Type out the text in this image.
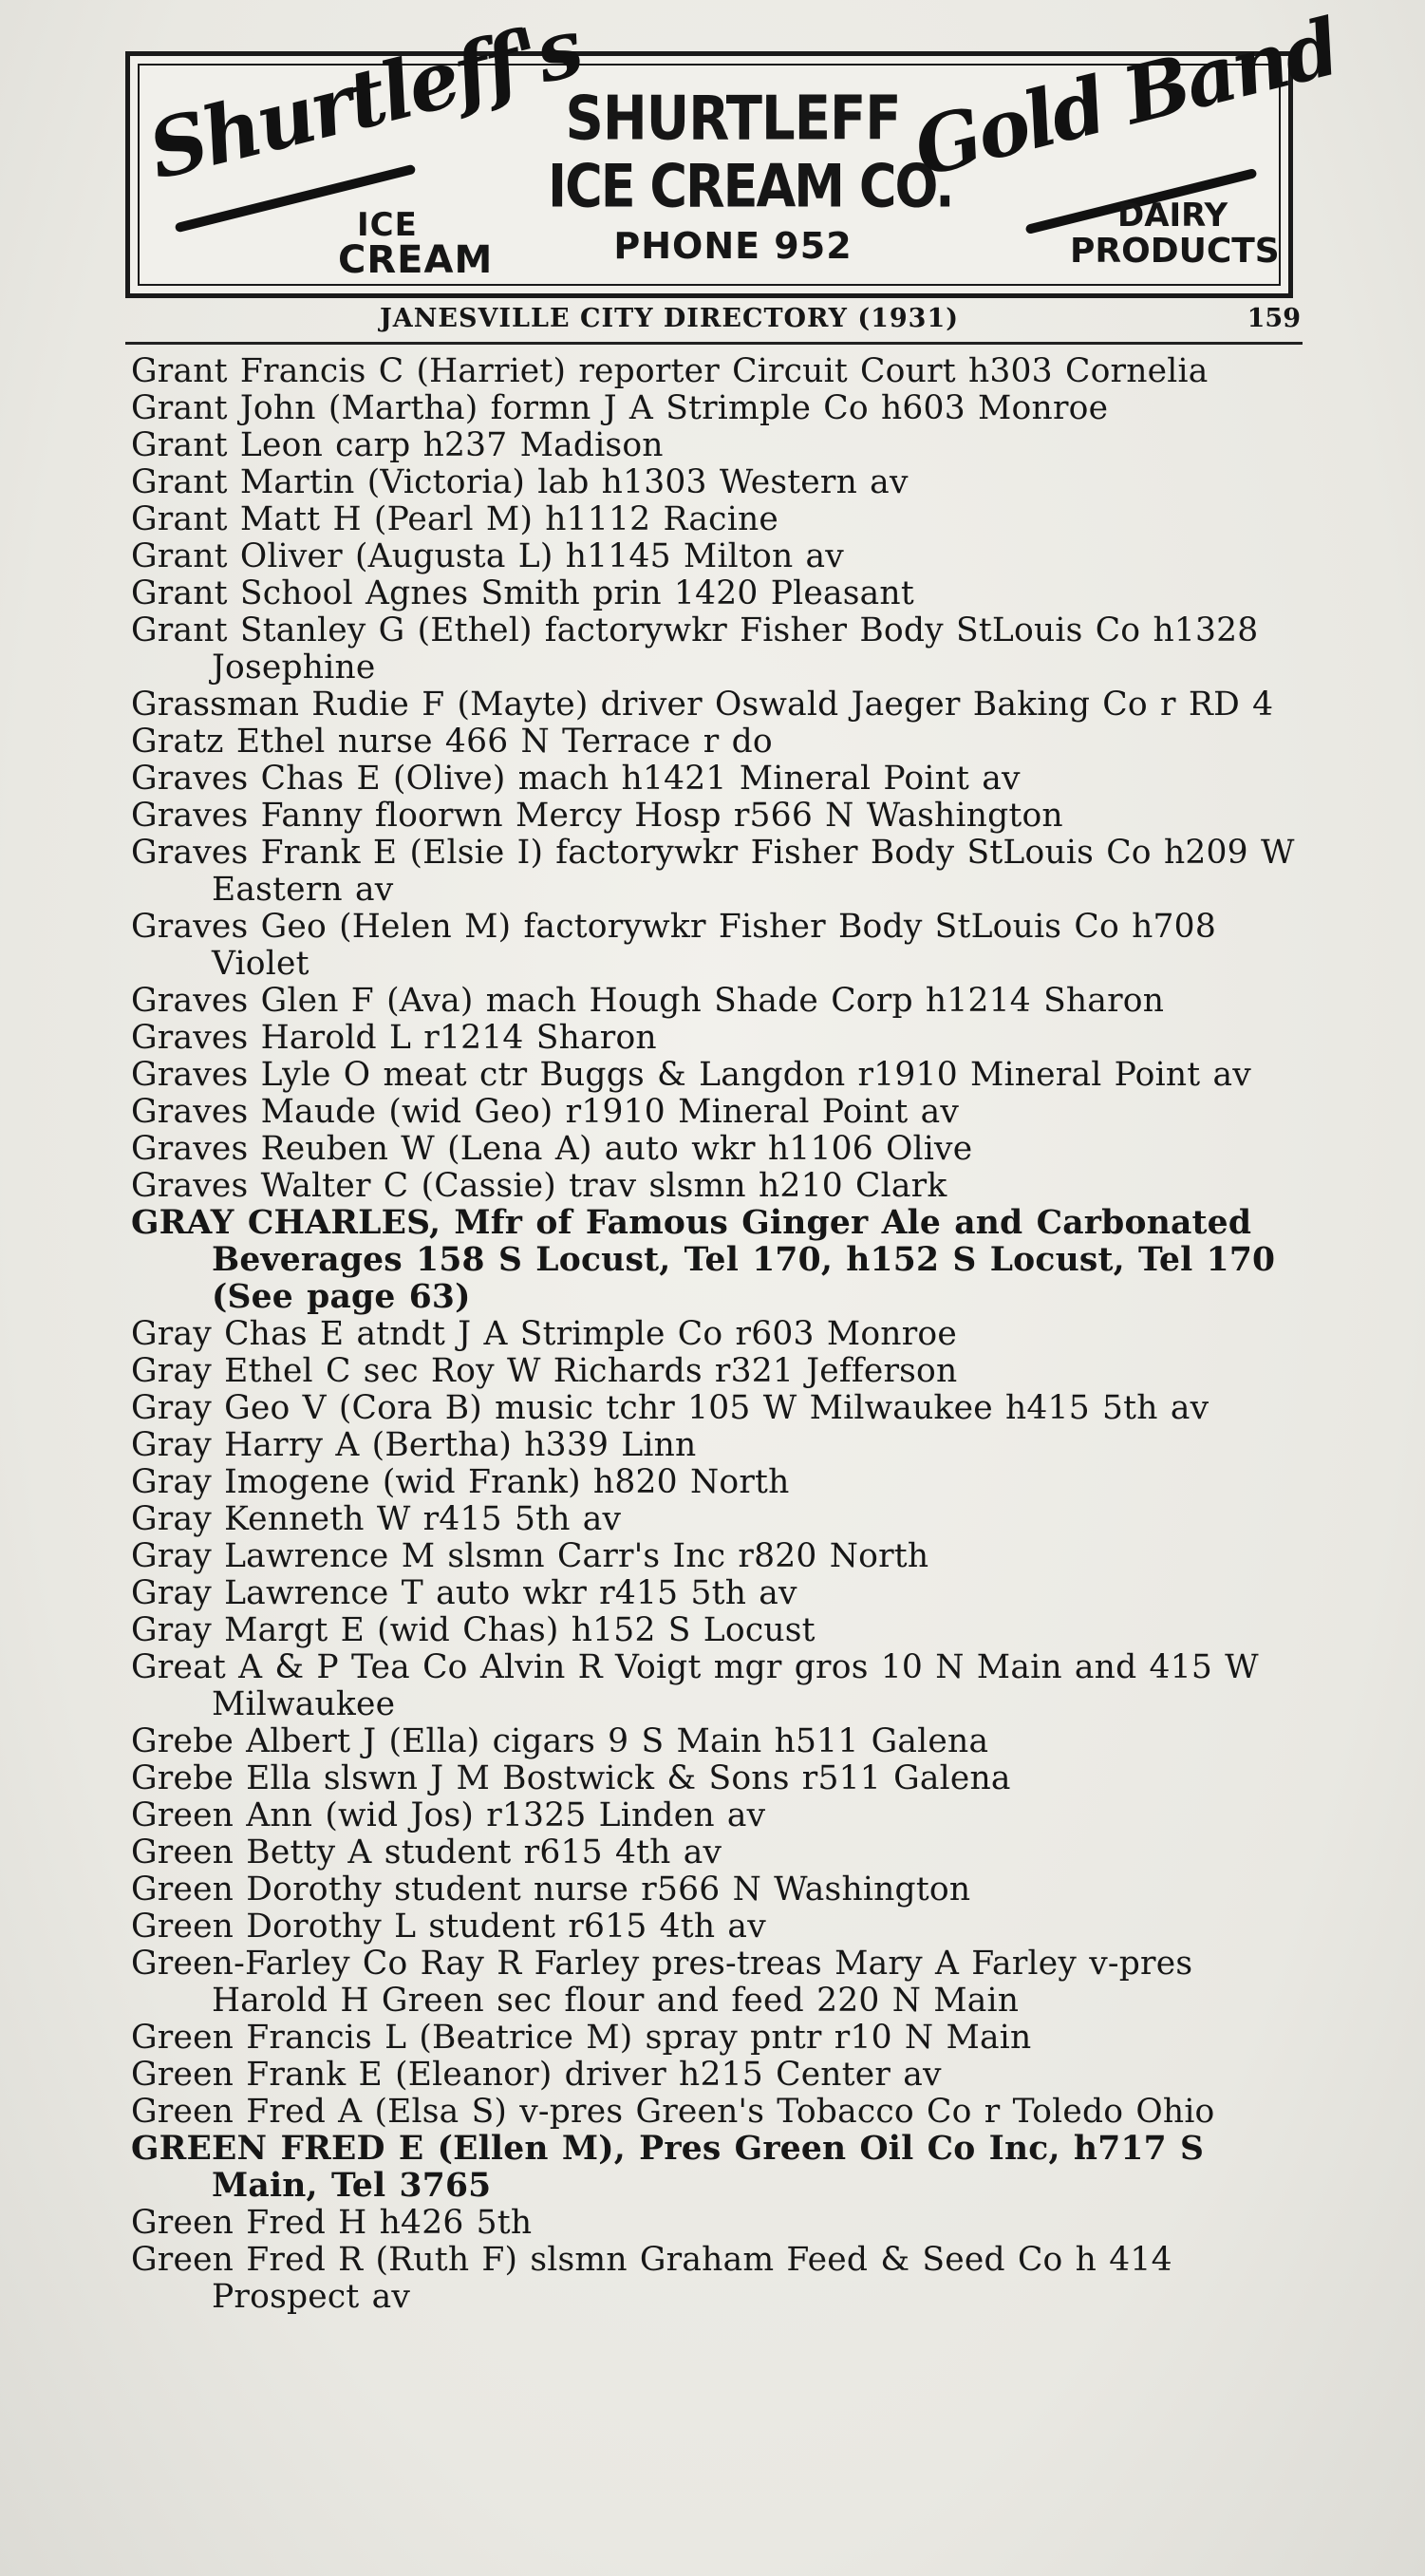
Shurtleff's
ICE
CREAM
SHURTLEFF
ICE CREAM CO.
PHONE 952
Gold Band
DAIRY
PRODUCTS
JANESVILLE CITY DIRECTORY (1931)	159
Grant Francis C (Harriet) reporter Circuit Court h303 Cornelia
Grant John (Martha) formn J A Strimple Co h603 Monroe
Grant Leon carp h237 Madison
Grant Martin (Victoria) lab h1303 Western av
Grant Matt H (Pearl M) h1112 Racine
Grant Oliver (Augusta L) h1145 Milton av
Grant School Agnes Smith prin 1420 Pleasant
Grant Stanley G (Ethel) factorywkr Fisher Body StLouis Co h1328 Josephine
Grassman Rudie F (Mayte) driver Oswald Jaeger Baking Co r RD 4
Gratz Ethel nurse 466 N Terrace r do
Graves Chas E (Olive) mach h1421 Mineral Point av
Graves Fanny floorwn Mercy Hosp r566 N Washington
Graves Frank E (Elsie I) factorywkr Fisher Body StLouis Co h209 W Eastern av
Graves Geo (Helen M) factorywkr Fisher Body StLouis Co h708 Violet
Graves Glen F (Ava) mach Hough Shade Corp h1214 Sharon
Graves Harold L r1214 Sharon
Graves Lyle O meat ctr Buggs & Langdon r1910 Mineral Point av
Graves Maude (wid Geo) r1910 Mineral Point av
Graves Reuben W (Lena A) auto wkr h1106 Olive
Graves Walter C (Cassie) trav slsmn h210 Clark
GRAY CHARLES, Mfr of Famous Ginger Ale and Carbonated Beverages 158 S Locust, Tel 170, h152 S Locust, Tel 170 (See page 63)
Gray Chas E atndt J A Strimple Co r603 Monroe
Gray Ethel C sec Roy W Richards r321 Jefferson
Gray Geo V (Cora B) music tchr 105 W Milwaukee h415 5th av
Gray Harry A (Bertha) h339 Linn
Gray Imogene (wid Frank) h820 North
Gray Kenneth W r415 5th av
Gray Lawrence M slsmn Carr's Inc r820 North
Gray Lawrence T auto wkr r415 5th av
Gray Margt E (wid Chas) h152 S Locust
Great A & P Tea Co Alvin R Voigt mgr gros 10 N Main and 415 W Milwaukee
Grebe Albert J (Ella) cigars 9 S Main h511 Galena
Grebe Ella slswn J M Bostwick & Sons r511 Galena
Green Ann (wid Jos) r1325 Linden av
Green Betty A student r615 4th av
Green Dorothy student nurse r566 N Washington
Green Dorothy L student r615 4th av
Green-Farley Co Ray R Farley pres-treas Mary A Farley v-pres Harold H Green sec flour and feed 220 N Main
Green Francis L (Beatrice M) spray pntr r10 N Main
Green Frank E (Eleanor) driver h215 Center av
Green Fred A (Elsa S) v-pres Green's Tobacco Co r Toledo Ohio
GREEN FRED E (Ellen M), Pres Green Oil Co Inc, h717 S Main, Tel 3765
Green Fred H h426 5th
Green Fred R (Ruth F) slsmn Graham Feed & Seed Co h 414 Prospect av
